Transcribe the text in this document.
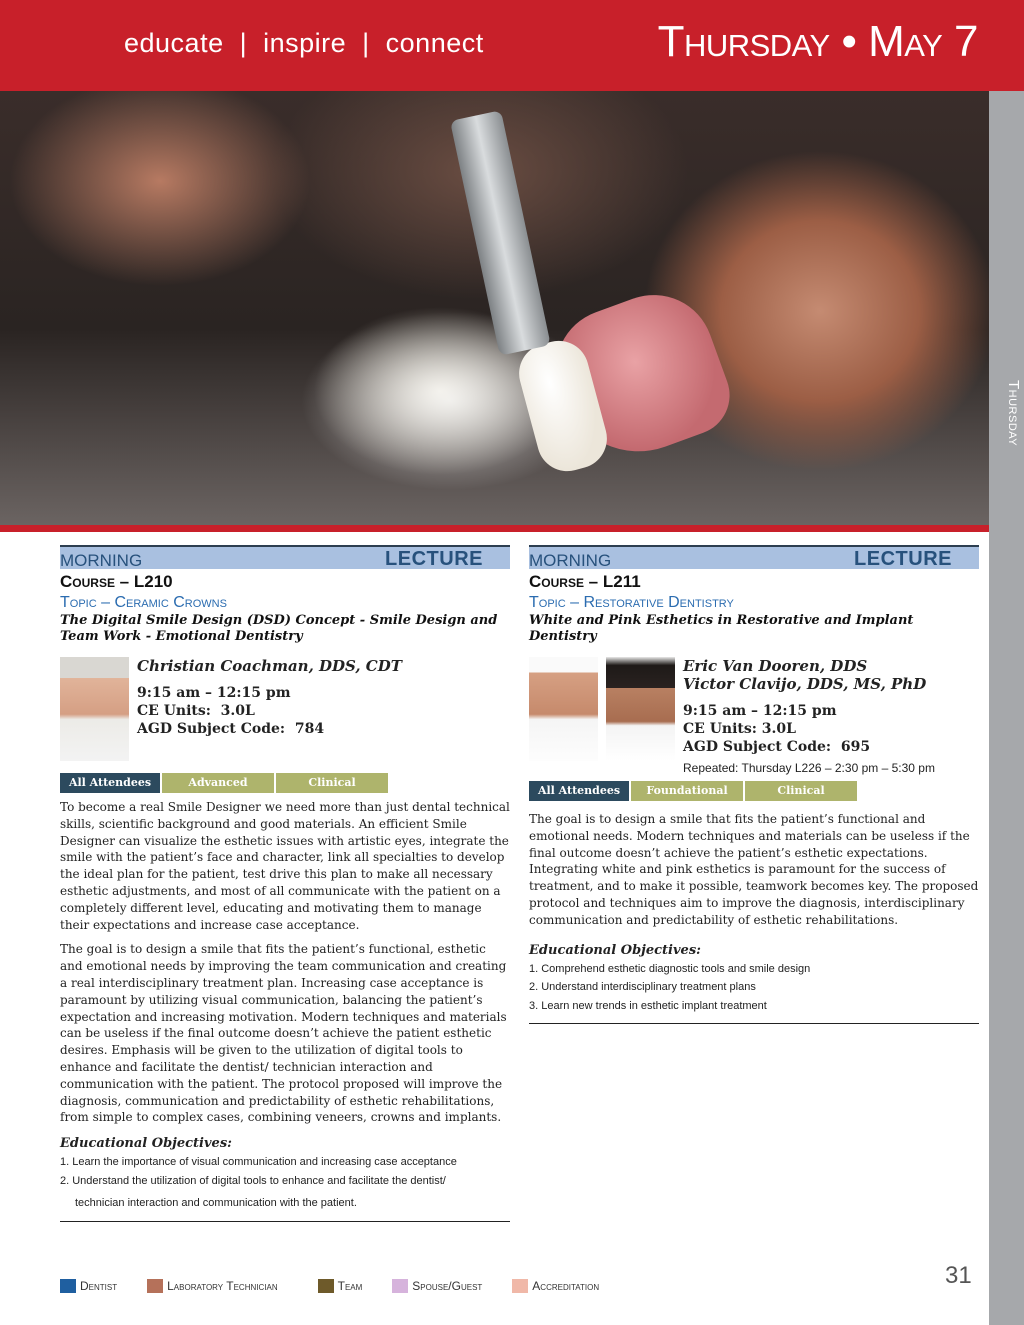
educate  |  inspire  |  connect	Thursday • May 7
Thursday
MORNING	LECTURE
Course – L210
Topic – Ceramic Crowns
The Digital Smile Design (DSD) Concept - Smile Design and Team Work - Emotional Dentistry
Christian Coachman, DDS, CDT
9:15 am – 12:15 pm
CE Units:  3.0L
AGD Subject Code:  784
All Attendees	Advanced	Clinical
To become a real Smile Designer we need more than just dental technical skills, scientific background and good materials. An efficient Smile Designer can visualize the esthetic issues with artistic eyes, integrate the smile with the patient’s face and character, link all specialties to develop the ideal plan for the patient, test drive this plan to make all necessary esthetic adjustments, and most of all communicate with the patient on a completely different level, educating and motivating them to manage their expectations and increase case acceptance.
The goal is to design a smile that fits the patient’s functional, esthetic and emotional needs by improving the team communication and creating a real interdisciplinary treatment plan. Increasing case acceptance is paramount by utilizing visual communication, balancing the patient’s expectation and increasing motivation. Modern techniques and materials can be useless if the final outcome doesn’t achieve the patient esthetic desires. Emphasis will be given to the utilization of digital tools to enhance and facilitate the dentist/ technician interaction and communication with the patient. The protocol proposed will improve the diagnosis, communication and predictability of esthetic rehabilitations, from simple to complex cases, combining veneers, crowns and implants.
Educational Objectives:
1. Learn the importance of visual communication and increasing case acceptance
2. Understand the utilization of digital tools to enhance and facilitate the dentist/
technician interaction and communication with the patient.
MORNING	LECTURE
Course – L211
Topic – Restorative Dentistry
White and Pink Esthetics in Restorative and Implant Dentistry
Eric Van Dooren, DDS
Victor Clavijo, DDS, MS, PhD
9:15 am – 12:15 pm
CE Units: 3.0L
AGD Subject Code:  695
Repeated: Thursday L226 – 2:30 pm – 5:30 pm
All Attendees	Foundational	Clinical
The goal is to design a smile that fits the patient’s functional and emotional needs. Modern techniques and materials can be useless if the final outcome doesn’t achieve the patient’s esthetic expectations. Integrating white and pink esthetics is paramount for the success of treatment, and to make it possible, teamwork becomes key. The proposed protocol and techniques aim to improve the diagnosis, interdisciplinary communication and predictability of esthetic rehabilitations.
Educational Objectives:
1. Comprehend esthetic diagnostic tools and smile design
2. Understand interdisciplinary treatment plans
3. Learn new trends in esthetic implant treatment
Dentist	Laboratory Technician	Team	Spouse/Guest	Accreditation	31
